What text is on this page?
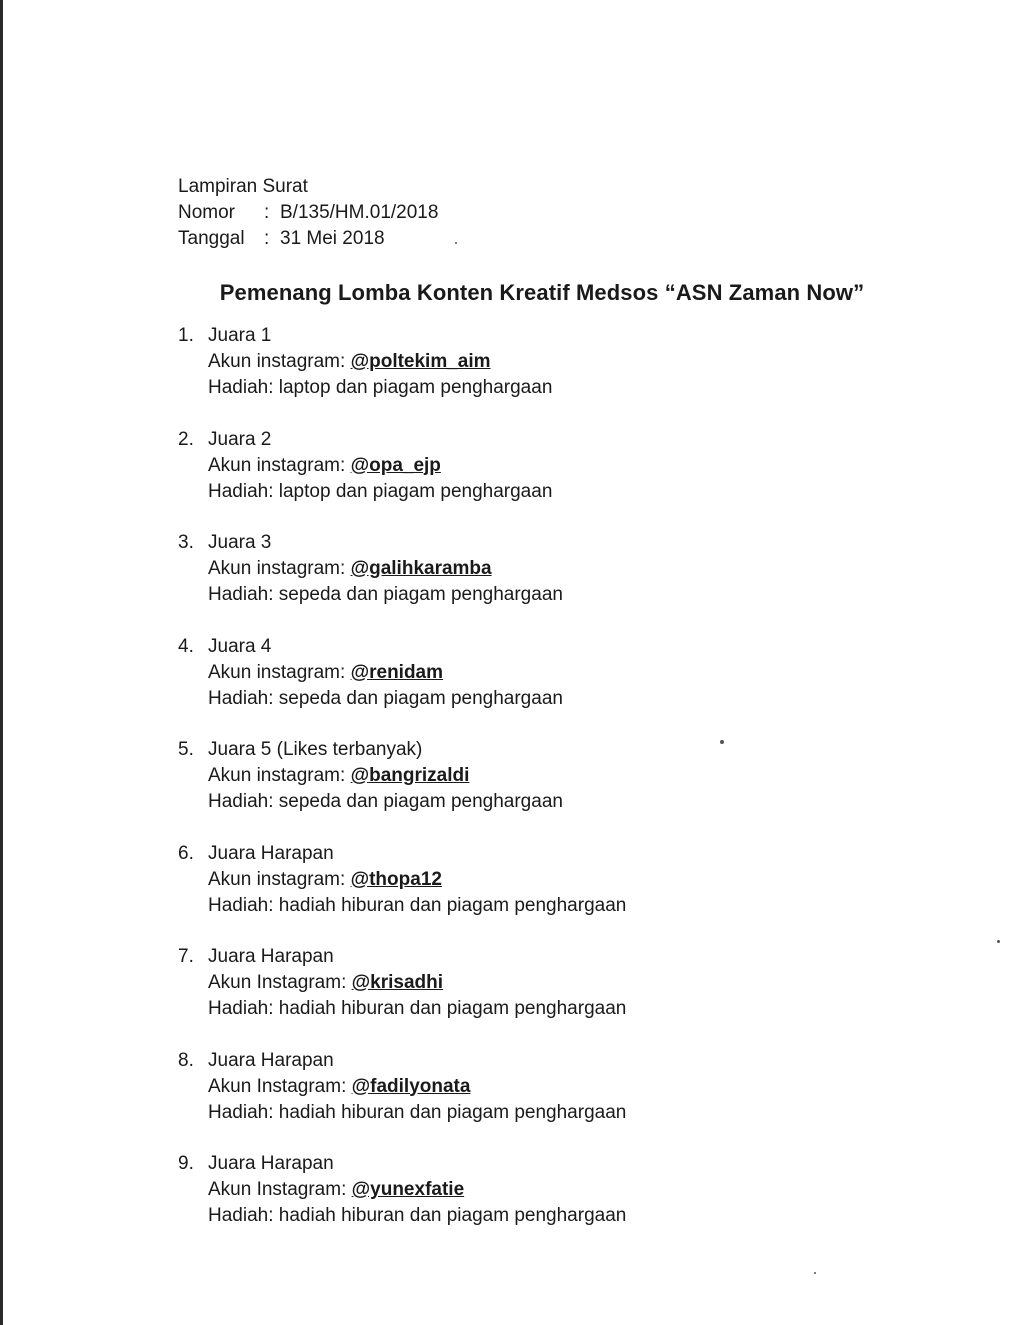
Lampiran Surat
Nomor	: B/135/HM.01/2018
Tanggal	: 31 Mei 2018
Pemenang Lomba Konten Kreatif Medsos “ASN Zaman Now”
1. Juara 1
Akun instagram: @poltekim_aim
Hadiah: laptop dan piagam penghargaan
2. Juara 2
Akun instagram: @opa_ejp
Hadiah: laptop dan piagam penghargaan
3. Juara 3
Akun instagram: @galihkaramba
Hadiah: sepeda dan piagam penghargaan
4. Juara 4
Akun instagram: @renidam
Hadiah: sepeda dan piagam penghargaan
5. Juara 5 (Likes terbanyak)
Akun instagram: @bangrizaldi
Hadiah: sepeda dan piagam penghargaan
6. Juara Harapan
Akun instagram: @thopa12
Hadiah: hadiah hiburan dan piagam penghargaan
7. Juara Harapan
Akun Instagram: @krisadhi
Hadiah: hadiah hiburan dan piagam penghargaan
8. Juara Harapan
Akun Instagram: @fadilyonata
Hadiah: hadiah hiburan dan piagam penghargaan
9. Juara Harapan
Akun Instagram: @yunexfatie
Hadiah: hadiah hiburan dan piagam penghargaan
